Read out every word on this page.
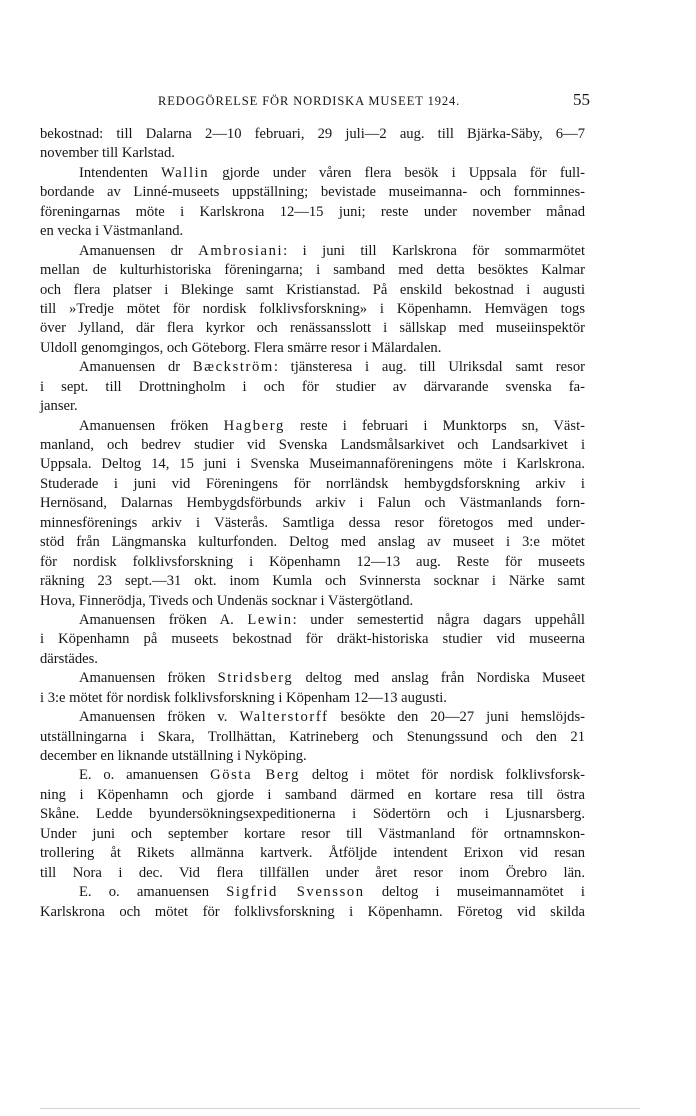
REDOGÖRELSE FÖR NORDISKA MUSEET 1924.	55
bekostnad: till Dalarna 2—10 februari, 29 juli—2 aug. till Bjärka-Säby, 6—7
november till Karlstad.
Intendenten Wallin gjorde under våren flera besök i Uppsala för full-
bordande av Linné-museets uppställning; bevistade museimanna- och fornminnes-
föreningarnas möte i Karlskrona 12—15 juni; reste under november månad
en vecka i Västmanland.
Amanuensen dr Ambrosiani: i juni till Karlskrona för sommarmötet
mellan de kulturhistoriska föreningarna; i samband med detta besöktes Kalmar
och flera platser i Blekinge samt Kristianstad. På enskild bekostnad i augusti
till »Tredje mötet för nordisk folklivsforskning» i Köpenhamn. Hemvägen togs
över Jylland, där flera kyrkor och renässansslott i sällskap med museiinspektör
Uldoll genomgingos, och Göteborg. Flera smärre resor i Mälardalen.
Amanuensen dr Bæckström: tjänsteresa i aug. till Ulriksdal samt resor
i sept. till Drottningholm i och för studier av därvarande svenska fa-
janser.
Amanuensen fröken Hagberg reste i februari i Munktorps sn, Väst-
manland, och bedrev studier vid Svenska Landsmålsarkivet och Landsarkivet i
Uppsala. Deltog 14, 15 juni i Svenska Museimannaföreningens möte i Karlskrona.
Studerade i juni vid Föreningens för norrländsk hembygdsforskning arkiv i
Hernösand, Dalarnas Hembygdsförbunds arkiv i Falun och Västmanlands forn-
minnesförenings arkiv i Västerås. Samtliga dessa resor företogos med under-
stöd från Längmanska kulturfonden. Deltog med anslag av museet i 3:e mötet
för nordisk folklivsforskning i Köpenhamn 12—13 aug. Reste för museets
räkning 23 sept.—31 okt. inom Kumla och Svinnersta socknar i Närke samt
Hova, Finnerödja, Tiveds och Undenäs socknar i Västergötland.
Amanuensen fröken A. Lewin: under semestertid några dagars uppehåll
i Köpenhamn på museets bekostnad för dräkt-historiska studier vid museerna
därstädes.
Amanuensen fröken Stridsberg deltog med anslag från Nordiska Museet
i 3:e mötet för nordisk folklivsforskning i Köpenham 12—13 augusti.
Amanuensen fröken v. Walterstorff besökte den 20—27 juni hemslöjds-
utställningarna i Skara, Trollhättan, Katrineberg och Stenungssund och den 21
december en liknande utställning i Nyköping.
E. o. amanuensen Gösta Berg deltog i mötet för nordisk folklivsforsk-
ning i Köpenhamn och gjorde i samband därmed en kortare resa till östra
Skåne. Ledde byundersökningsexpeditionerna i Södertörn och i Ljusnarsberg.
Under juni och september kortare resor till Västmanland för ortnamnskon-
trollering åt Rikets allmänna kartverk. Åtföljde intendent Erixon vid resan
till Nora i dec. Vid flera tillfällen under året resor inom Örebro län.
E. o. amanuensen Sigfrid Svensson deltog i museimannamötet i
Karlskrona och mötet för folklivsforskning i Köpenhamn. Företog vid skilda
